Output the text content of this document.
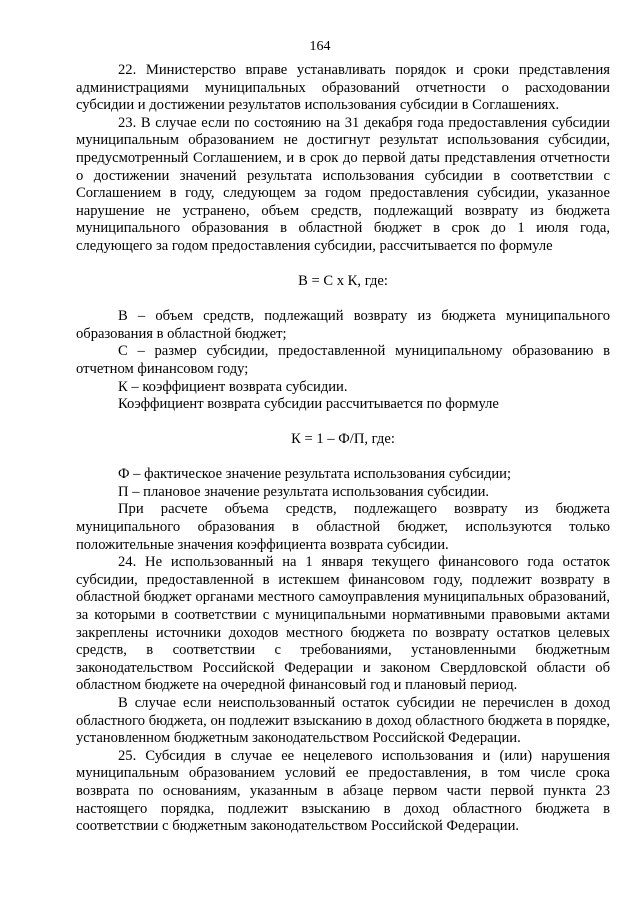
164

22. Министерство вправе устанавливать порядок и сроки представления администрациями муниципальных образований отчетности о расходовании субсидии и достижении результатов использования субсидии в Соглашениях.

23. В случае если по состоянию на 31 декабря года предоставления субсидии муниципальным образованием не достигнут результат использования субсидии, предусмотренный Соглашением, и в срок до первой даты представления отчетности о достижении значений результата использования субсидии в соответствии с Соглашением в году, следующем за годом предоставления субсидии, указанное нарушение не устранено, объем средств, подлежащий возврату из бюджета муниципального образования в областной бюджет в срок до 1 июля года, следующего за годом предоставления субсидии, рассчитывается по формуле

В = С х К, где:

В – объем средств, подлежащий возврату из бюджета муниципального образования в областной бюджет;

С – размер субсидии, предоставленной муниципальному образованию в отчетном финансовом году;

К – коэффициент возврата субсидии.

Коэффициент возврата субсидии рассчитывается по формуле

К = 1 – Ф/П, где:

Ф – фактическое значение результата использования субсидии;

П – плановое значение результата использования субсидии.

При расчете объема средств, подлежащего возврату из бюджета муниципального образования в областной бюджет, используются только положительные значения коэффициента возврата субсидии.

24. Не использованный на 1 января текущего финансового года остаток субсидии, предоставленной в истекшем финансовом году, подлежит возврату в областной бюджет органами местного самоуправления муниципальных образований, за которыми в соответствии с муниципальными нормативными правовыми актами закреплены источники доходов местного бюджета по возврату остатков целевых средств, в соответствии с требованиями, установленными бюджетным законодательством Российской Федерации и законом Свердловской области об областном бюджете на очередной финансовый год и плановый период.

В случае если неиспользованный остаток субсидии не перечислен в доход областного бюджета, он подлежит взысканию в доход областного бюджета в порядке, установленном бюджетным законодательством Российской Федерации.

25. Субсидия в случае ее нецелевого использования и (или) нарушения муниципальным образованием условий ее предоставления, в том числе срока возврата по основаниям, указанным в абзаце первом части первой пункта 23 настоящего порядка, подлежит взысканию в доход областного бюджета в соответствии с бюджетным законодательством Российской Федерации.
